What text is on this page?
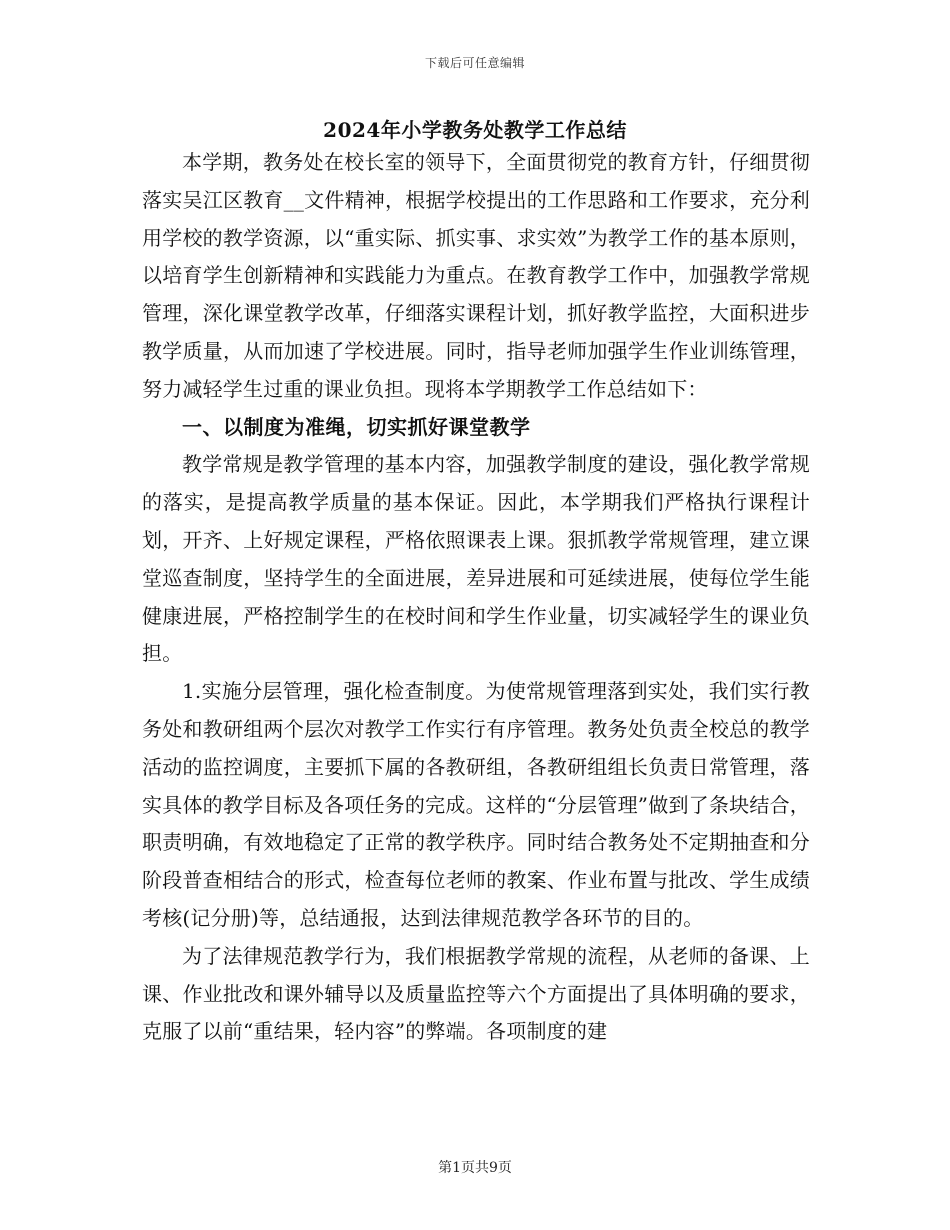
下载后可任意编辑
2024年小学教务处教学工作总结

本学期，教务处在校长室的领导下，全面贯彻党的教育方针，仔细贯彻落实吴江区教育__文件精神，根据学校提出的工作思路和工作要求，充分利用学校的教学资源，以“重实际、抓实事、求实效”为教学工作的基本原则，以培育学生创新精神和实践能力为重点。在教育教学工作中，加强教学常规管理，深化课堂教学改革，仔细落实课程计划，抓好教学监控，大面积进步教学质量，从而加速了学校进展。同时，指导老师加强学生作业训练管理，努力减轻学生过重的课业负担。现将本学期教学工作总结如下：

一、以制度为准绳，切实抓好课堂教学

教学常规是教学管理的基本内容，加强教学制度的建设，强化教学常规的落实，是提高教学质量的基本保证。因此，本学期我们严格执行课程计划，开齐、上好规定课程，严格依照课表上课。狠抓教学常规管理，建立课堂巡查制度，坚持学生的全面进展，差异进展和可延续进展，使每位学生能健康进展，严格控制学生的在校时间和学生作业量，切实减轻学生的课业负担。

1.实施分层管理，强化检查制度。为使常规管理落到实处，我们实行教务处和教研组两个层次对教学工作实行有序管理。教务处负责全校总的教学活动的监控调度，主要抓下属的各教研组，各教研组组长负责日常管理，落实具体的教学目标及各项任务的完成。这样的“分层管理”做到了条块结合，职责明确，有效地稳定了正常的教学秩序。同时结合教务处不定期抽查和分阶段普查相结合的形式，检查每位老师的教案、作业布置与批改、学生成绩考核(记分册)等，总结通报，达到法律规范教学各环节的目的。

为了法律规范教学行为，我们根据教学常规的流程，从老师的备课、上课、作业批改和课外辅导以及质量监控等六个方面提出了具体明确的要求，克服了以前“重结果，轻内容”的弊端。各项制度的建

第1页共9页
